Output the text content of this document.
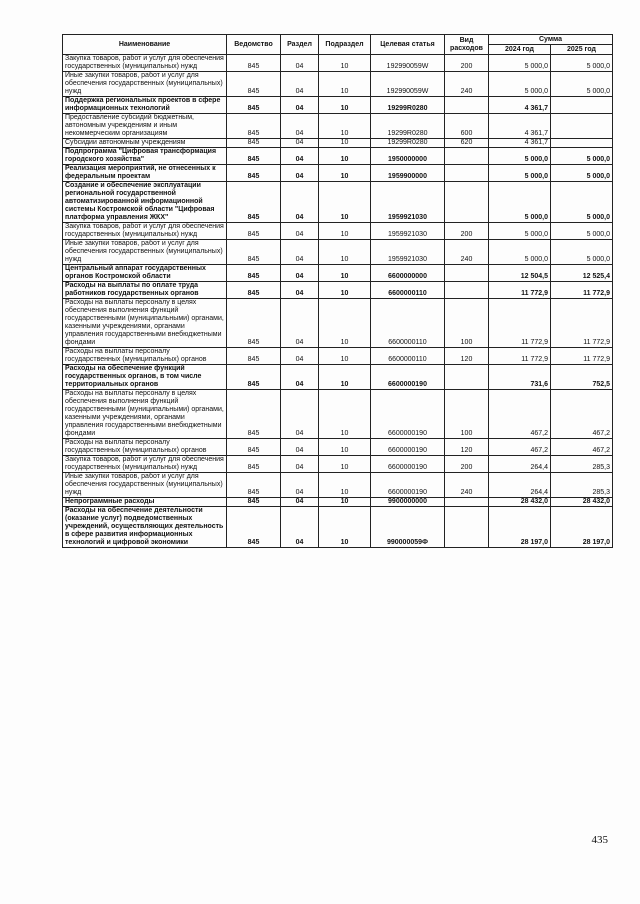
Наименование	Ведомство	Раздел	Подраздел	Целевая статья	Вид расходов	Сумма	
						2024 год	2025 год
Закупка товаров, работ и услуг для обеспечения государственных (муниципальных) нужд	845	04	10	192990059W	200	5 000,0	5 000,0
Иные закупки товаров, работ и услуг для обеспечения государственных (муниципальных) нужд	845	04	10	192990059W	240	5 000,0	5 000,0
Поддержка региональных проектов в сфере информационных технологий	845	04	10	19299R0280		4 361,7	
Предоставление субсидий бюджетным, автономным учреждениям и иным некоммерческим организациям	845	04	10	19299R0280	600	4 361,7	
Субсидии автономным учреждениям	845	04	10	19299R0280	620	4 361,7	
Подпрограмма "Цифровая трансформация городского хозяйства"	845	04	10	1950000000		5 000,0	5 000,0
Реализация мероприятий, не отнесенных к федеральным проектам	845	04	10	1959900000		5 000,0	5 000,0
Создание и обеспечение эксплуатации региональной государственной автоматизированной информационной системы Костромской области "Цифровая платформа управления ЖКХ"	845	04	10	1959921030		5 000,0	5 000,0
Закупка товаров, работ и услуг для обеспечения государственных (муниципальных) нужд	845	04	10	1959921030	200	5 000,0	5 000,0
Иные закупки товаров, работ и услуг для обеспечения государственных (муниципальных) нужд	845	04	10	1959921030	240	5 000,0	5 000,0
Центральный аппарат государственных органов Костромской области	845	04	10	6600000000		12 504,5	12 525,4
Расходы на выплаты по оплате труда работников государственных органов	845	04	10	6600000110		11 772,9	11 772,9
Расходы на выплаты персоналу в целях обеспечения выполнения функций государственными (муниципальными) органами, казенными учреждениями, органами управления государственными внебюджетными фондами	845	04	10	6600000110	100	11 772,9	11 772,9
Расходы на выплаты персоналу государственных (муниципальных) органов	845	04	10	6600000110	120	11 772,9	11 772,9
Расходы на обеспечение функций государственных органов, в том числе территориальных органов	845	04	10	6600000190		731,6	752,5
Расходы на выплаты персоналу в целях обеспечения выполнения функций государственными (муниципальными) органами, казенными учреждениями, органами управления государственными внебюджетными фондами	845	04	10	6600000190	100	467,2	467,2
Расходы на выплаты персоналу государственных (муниципальных) органов	845	04	10	6600000190	120	467,2	467,2
Закупка товаров, работ и услуг для обеспечения государственных (муниципальных) нужд	845	04	10	6600000190	200	264,4	285,3
Иные закупки товаров, работ и услуг для обеспечения государственных (муниципальных) нужд	845	04	10	6600000190	240	264,4	285,3
Непрограммные расходы	845	04	10	9900000000		28 432,0	28 432,0
Расходы на обеспечение деятельности (оказание услуг) подведомственных учреждений, осуществляющих деятельность в сфере развития информационных технологий и цифровой экономики	845	04	10	990000059Ф		28 197,0	28 197,0
435
